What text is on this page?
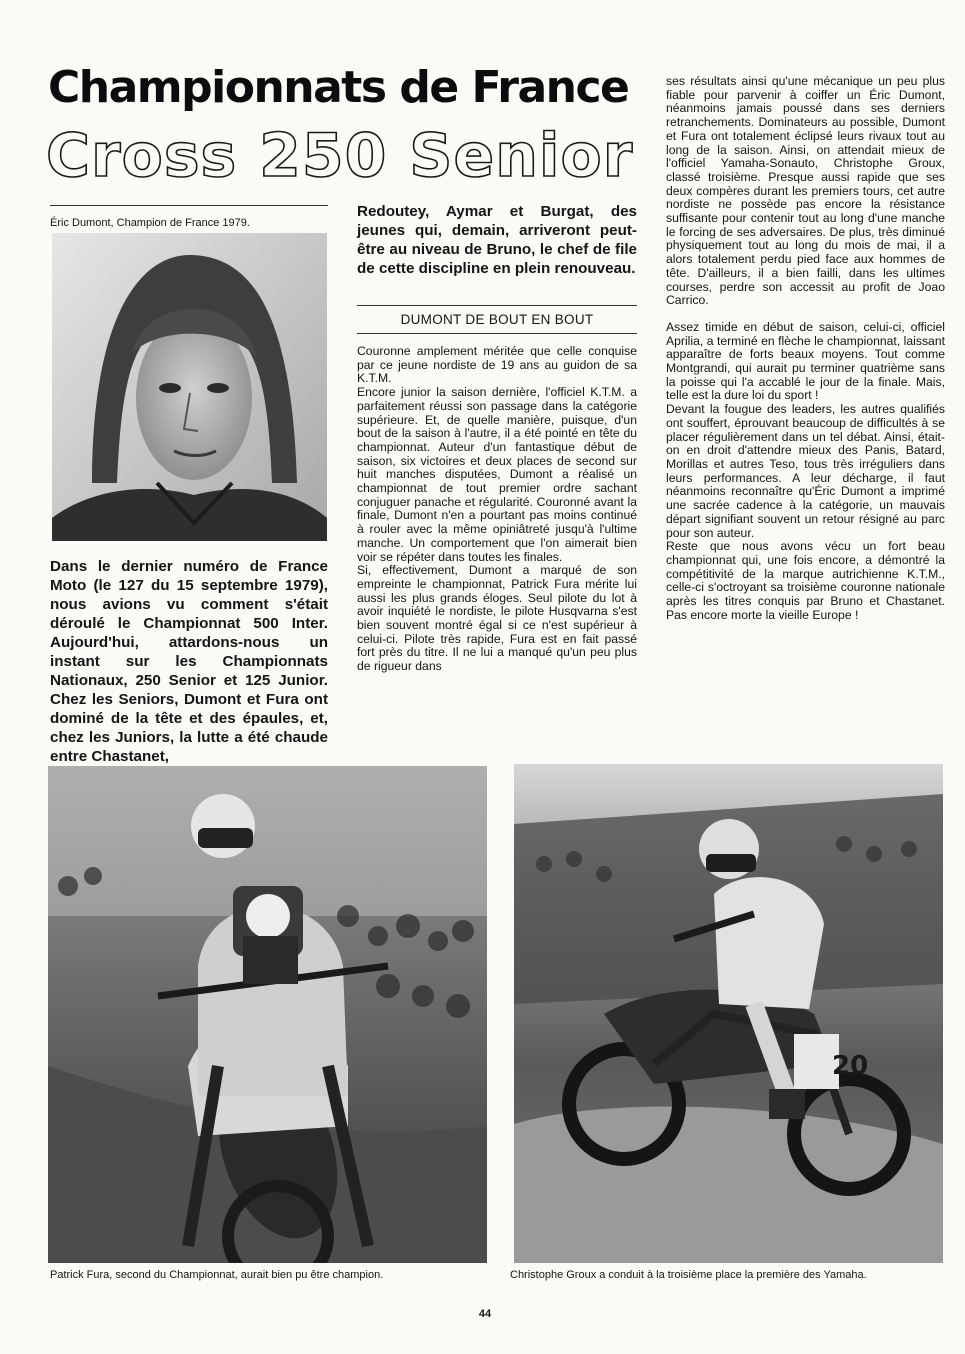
Championnats de France
Cross 250 Senior
Éric Dumont, Champion de France 1979.

Dans le dernier numéro de France Moto (le 127 du 15 septembre 1979), nous avions vu comment s'était déroulé le Championnat 500 Inter. Aujourd'hui, attardons-nous un instant sur les Championnats Nationaux, 250 Senior et 125 Junior. Chez les Seniors, Dumont et Fura ont dominé de la tête et des épaules, et, chez les Juniors, la lutte a été chaude entre Chastanet,

Redoutey, Aymar et Burgat, des jeunes qui, demain, arriveront peut-être au niveau de Bruno, le chef de file de cette discipline en plein renouveau.

DUMONT DE BOUT EN BOUT

Couronne amplement méritée que celle conquise par ce jeune nordiste de 19 ans au guidon de sa K.T.M.

Encore junior la saison dernière, l'officiel K.T.M. a parfaitement réussi son passage dans la catégorie supérieure. Et, de quelle manière, puisque, d'un bout de la saison à l'autre, il a été pointé en tête du championnat. Auteur d'un fantastique début de saison, six victoires et deux places de second sur huit manches disputées, Dumont a réalisé un championnat de tout premier ordre sachant conjuguer panache et régularité. Couronné avant la finale, Dumont n'en a pourtant pas moins continué à rouler avec la même opiniâtreté jusqu'à l'ultime manche. Un comportement que l'on aimerait bien voir se répéter dans toutes les finales.

Si, effectivement, Dumont a marqué de son empreinte le championnat, Patrick Fura mérite lui aussi les plus grands éloges. Seul pilote du lot à avoir inquiété le nordiste, le pilote Husqvarna s'est bien souvent montré égal si ce n'est supérieur à celui-ci. Pilote très rapide, Fura est en fait passé fort près du titre. Il ne lui a manqué qu'un peu plus de rigueur dans

ses résultats ainsi qu'une mécanique un peu plus fiable pour parvenir à coiffer un Éric Dumont, néanmoins jamais poussé dans ses derniers retranchements. Dominateurs au possible, Dumont et Fura ont totalement éclipsé leurs rivaux tout au long de la saison. Ainsi, on attendait mieux de l'officiel Yamaha-Sonauto, Christophe Groux, classé troisième. Presque aussi rapide que ses deux compères durant les premiers tours, cet autre nordiste ne possède pas encore la résistance suffisante pour contenir tout au long d'une manche le forcing de ses adversaires. De plus, très diminué physiquement tout au long du mois de mai, il a alors totalement perdu pied face aux hommes de tête. D'ailleurs, il a bien failli, dans les ultimes courses, perdre son accessit au profit de Joao Carrico.

Assez timide en début de saison, celui-ci, officiel Aprilia, a terminé en flèche le championnat, laissant apparaître de forts beaux moyens. Tout comme Montgrandi, qui aurait pu terminer quatrième sans la poisse qui l'a accablé le jour de la finale. Mais, telle est la dure loi du sport !

Devant la fougue des leaders, les autres qualifiés ont souffert, éprouvant beaucoup de difficultés à se placer régulièrement dans un tel débat. Ainsi, était-on en droit d'attendre mieux des Panis, Batard, Morillas et autres Teso, tous très irréguliers dans leurs performances. A leur décharge, il faut néanmoins reconnaître qu'Éric Dumont a imprimé une sacrée cadence à la catégorie, un mauvais départ signifiant souvent un retour résigné au parc pour son auteur.

Reste que nous avons vécu un fort beau championnat qui, une fois encore, a démontré la compétitivité de la marque autrichienne K.T.M., celle-ci s'octroyant sa troisième couronne nationale après les titres conquis par Bruno et Chastanet. Pas encore morte la vieille Europe !

20
Patrick Fura, second du Championnat, aurait bien pu être champion.	Christophe Groux a conduit à la troisième place la première des Yamaha.
44
